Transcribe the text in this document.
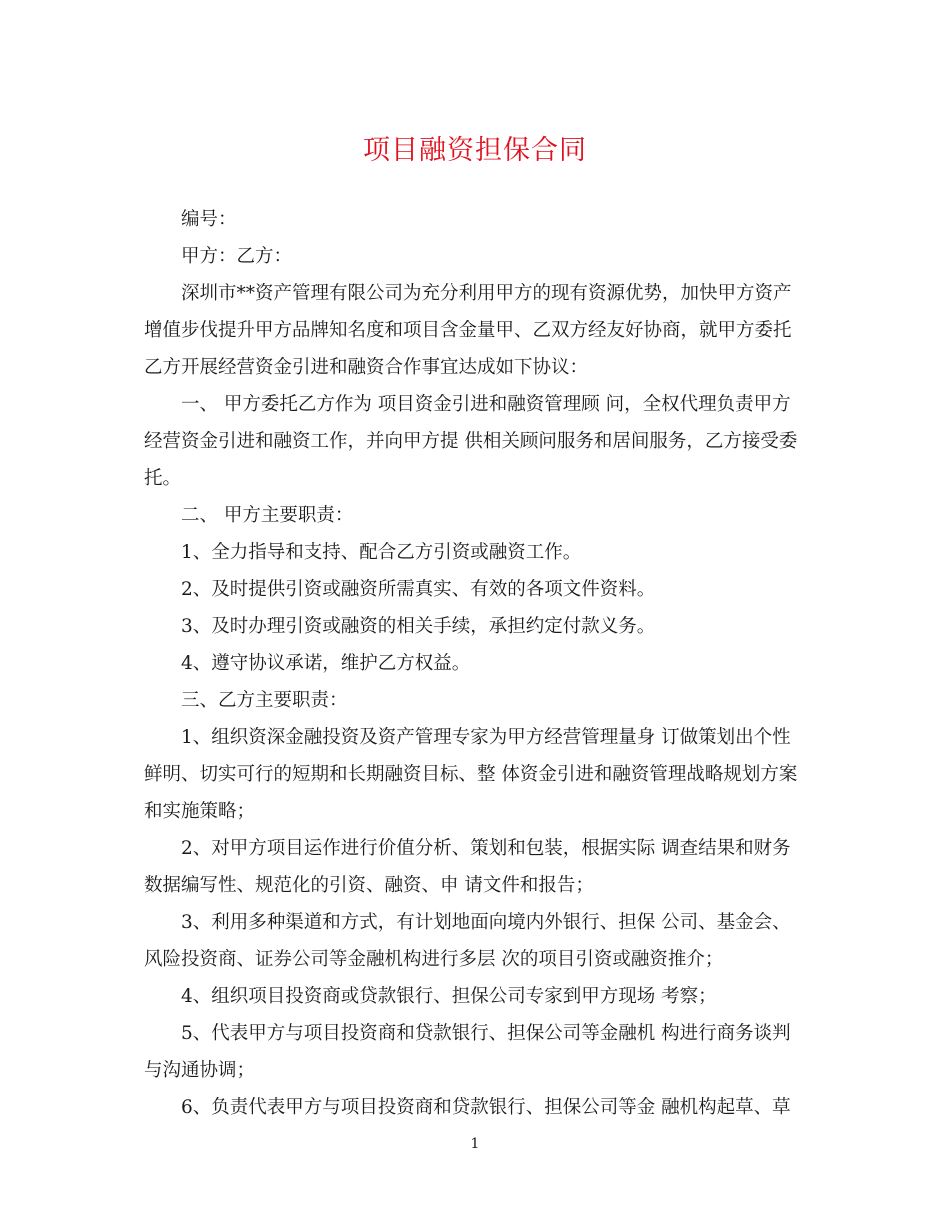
项目融资担保合同
编号：
甲方：乙方：
深圳市**资产管理有限公司为充分利用甲方的现有资源优势，加快甲方资产
增值步伐提升甲方品牌知名度和项目含金量甲、乙双方经友好协商，就甲方委托
乙方开展经营资金引进和融资合作事宜达成如下协议：
一、 甲方委托乙方作为 项目资金引进和融资管理顾 问，全权代理负责甲方
经营资金引进和融资工作，并向甲方提 供相关顾问服务和居间服务，乙方接受委
托。
二、 甲方主要职责：
1、全力指导和支持、配合乙方引资或融资工作。
2、及时提供引资或融资所需真实、有效的各项文件资料。
3、及时办理引资或融资的相关手续，承担约定付款义务。
4、遵守协议承诺，维护乙方权益。
三、乙方主要职责：
1、组织资深金融投资及资产管理专家为甲方经营管理量身 订做策划出个性
鲜明、切实可行的短期和长期融资目标、整 体资金引进和融资管理战略规划方案
和实施策略；
2、对甲方项目运作进行价值分析、策划和包装，根据实际 调查结果和财务
数据编写性、规范化的引资、融资、申 请文件和报告；
3、利用多种渠道和方式，有计划地面向境内外银行、担保 公司、基金会、
风险投资商、证券公司等金融机构进行多层 次的项目引资或融资推介；
4、组织项目投资商或贷款银行、担保公司专家到甲方现场 考察；
5、代表甲方与项目投资商和贷款银行、担保公司等金融机 构进行商务谈判
与沟通协调；
6、负责代表甲方与项目投资商和贷款银行、担保公司等金 融机构起草、草
1
